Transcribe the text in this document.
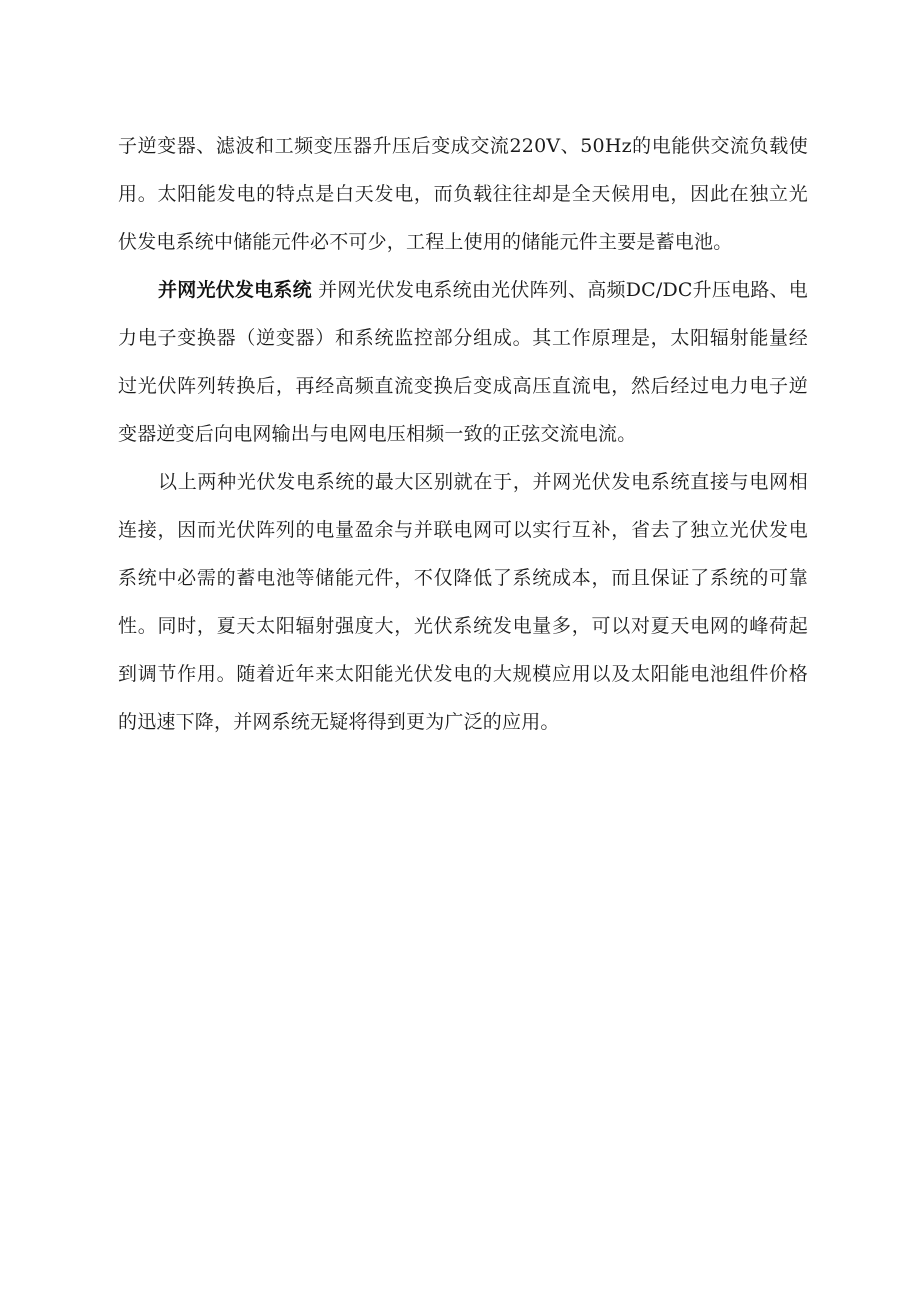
子逆变器、滤波和工频变压器升压后变成交流220V、50Hz的电能供交流负载使用。太阳能发电的特点是白天发电，而负载往往却是全天候用电，因此在独立光伏发电系统中储能元件必不可少，工程上使用的储能元件主要是蓄电池。

并网光伏发电系统 并网光伏发电系统由光伏阵列、高频DC/DC升压电路、电力电子变换器（逆变器）和系统监控部分组成。其工作原理是，太阳辐射能量经过光伏阵列转换后，再经高频直流变换后变成高压直流电，然后经过电力电子逆变器逆变后向电网输出与电网电压相频一致的正弦交流电流。

以上两种光伏发电系统的最大区别就在于，并网光伏发电系统直接与电网相连接，因而光伏阵列的电量盈余与并联电网可以实行互补，省去了独立光伏发电系统中必需的蓄电池等储能元件，不仅降低了系统成本，而且保证了系统的可靠性。同时，夏天太阳辐射强度大，光伏系统发电量多，可以对夏天电网的峰荷起到调节作用。随着近年来太阳能光伏发电的大规模应用以及太阳能电池组件价格的迅速下降，并网系统无疑将得到更为广泛的应用。
